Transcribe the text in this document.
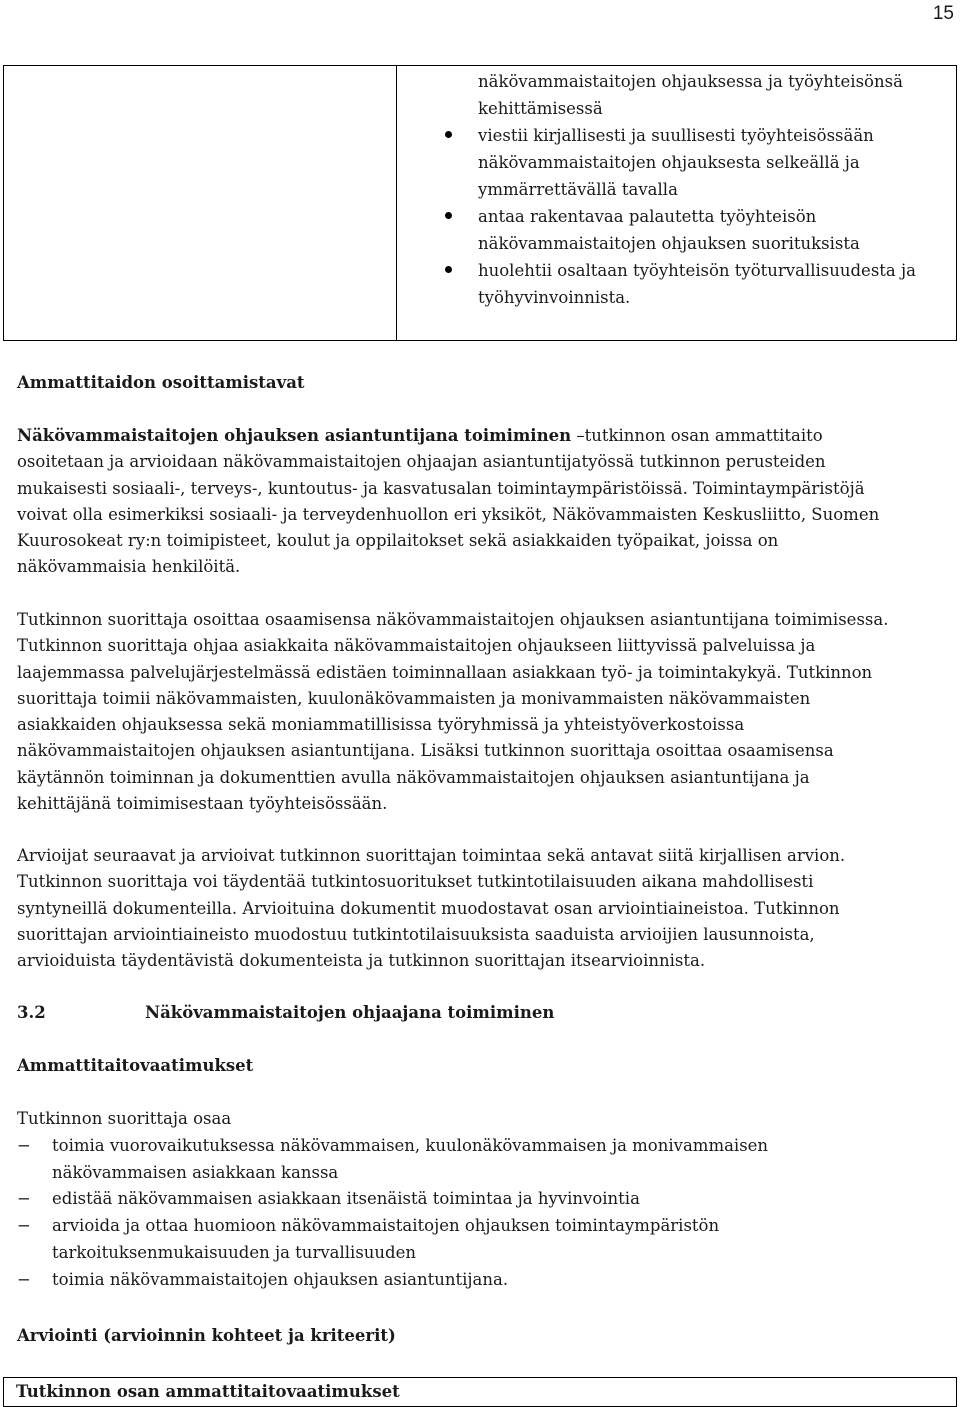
15
näkövammaistaitojen ohjauksessa ja työyhteisönsä
kehittämisessä
viestii kirjallisesti ja suullisesti työyhteisössään
näkövammaistaitojen ohjauksesta selkeällä ja
ymmärrettävällä tavalla
antaa rakentavaa palautetta työyhteisön
näkövammaistaitojen ohjauksen suorituksista
huolehtii osaltaan työyhteisön työturvallisuudesta ja
työhyvinvoinnista.
Ammattitaidon osoittamistavat
Näkövammaistaitojen ohjauksen asiantuntijana toimiminen –tutkinnon osan ammattitaito
osoitetaan ja arvioidaan näkövammaistaitojen ohjaajan asiantuntijatyössä tutkinnon perusteiden
mukaisesti sosiaali-, terveys-, kuntoutus- ja kasvatusalan toimintaympäristöissä. Toimintaympäristöjä
voivat olla esimerkiksi sosiaali- ja terveydenhuollon eri yksiköt, Näkövammaisten Keskusliitto, Suomen
Kuurosokeat ry:n toimipisteet, koulut ja oppilaitokset sekä asiakkaiden työpaikat, joissa on
näkövammaisia henkilöitä.
Tutkinnon suorittaja osoittaa osaamisensa näkövammaistaitojen ohjauksen asiantuntijana toimimisessa.
Tutkinnon suorittaja ohjaa asiakkaita näkövammaistaitojen ohjaukseen liittyvissä palveluissa ja
laajemmassa palvelujärjestelmässä edistäen toiminnallaan asiakkaan työ- ja toimintakykyä. Tutkinnon
suorittaja toimii näkövammaisten, kuulonäkövammaisten ja monivammaisten näkövammaisten
asiakkaiden ohjauksessa sekä moniammatillisissa työryhmissä ja yhteistyöverkostoissa
näkövammaistaitojen ohjauksen asiantuntijana. Lisäksi tutkinnon suorittaja osoittaa osaamisensa
käytännön toiminnan ja dokumenttien avulla näkövammaistaitojen ohjauksen asiantuntijana ja
kehittäjänä toimimisestaan työyhteisössään.
Arvioijat seuraavat ja arvioivat tutkinnon suorittajan toimintaa sekä antavat siitä kirjallisen arvion.
Tutkinnon suorittaja voi täydentää tutkintosuoritukset tutkintotilaisuuden aikana mahdollisesti
syntyneillä dokumenteilla. Arvioituina dokumentit muodostavat osan arviointiaineistoa. Tutkinnon
suorittajan arviointiaineisto muodostuu tutkintotilaisuuksista saaduista arvioijien lausunnoista,
arvioiduista täydentävistä dokumenteista ja tutkinnon suorittajan itsearvioinnista.
3.2	Näkövammaistaitojen ohjaajana toimiminen
Ammattitaitovaatimukset
Tutkinnon suorittaja osaa
− toimia vuorovaikutuksessa näkövammaisen, kuulonäkövammaisen ja monivammaisen
näkövammaisen asiakkaan kanssa
− edistää näkövammaisen asiakkaan itsenäistä toimintaa ja hyvinvointia
− arvioida ja ottaa huomioon näkövammaistaitojen ohjauksen toimintaympäristön
tarkoituksenmukaisuuden ja turvallisuuden
− toimia näkövammaistaitojen ohjauksen asiantuntijana.
Arviointi (arvioinnin kohteet ja kriteerit)
Tutkinnon osan ammattitaitovaatimukset
